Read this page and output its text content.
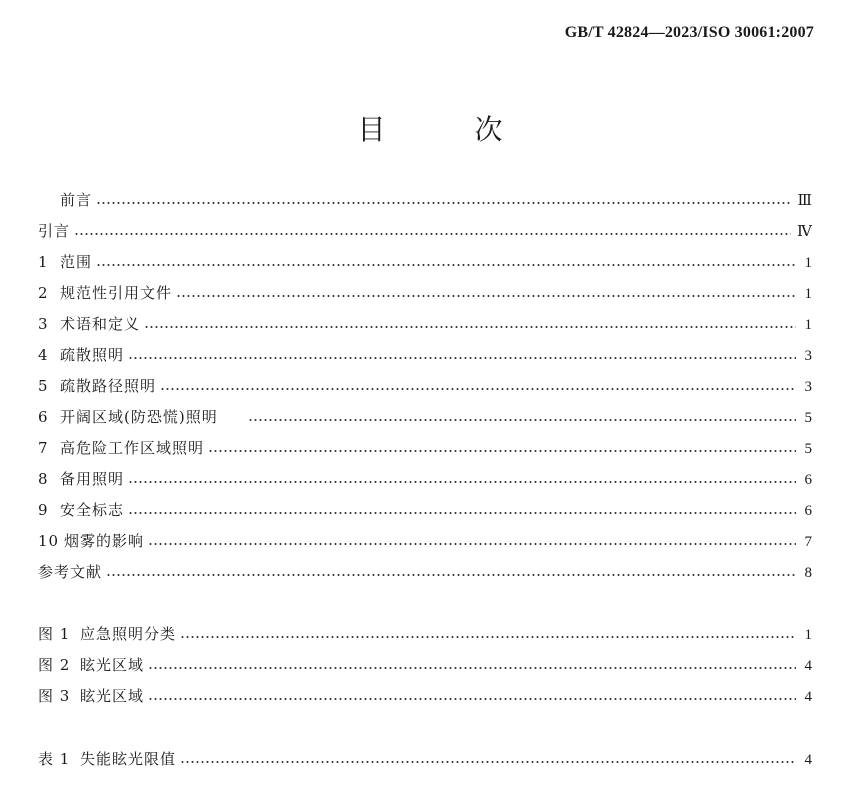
GB/T 42824—2023/ISO 30061:2007
目 次
前言	Ⅲ
引言	Ⅳ
1 范围	1
2 规范性引用文件	1
3 术语和定义	1
4 疏散照明	3
5 疏散路径照明	3
6 开阔区域(防恐慌)照明	5
7 高危险工作区域照明	5
8 备用照明	6
9 安全标志	6
10 烟雾的影响	7
参考文献	8
图 1 应急照明分类	1
图 2 眩光区域	4
图 3 眩光区域	4
表 1 失能眩光限值	4
